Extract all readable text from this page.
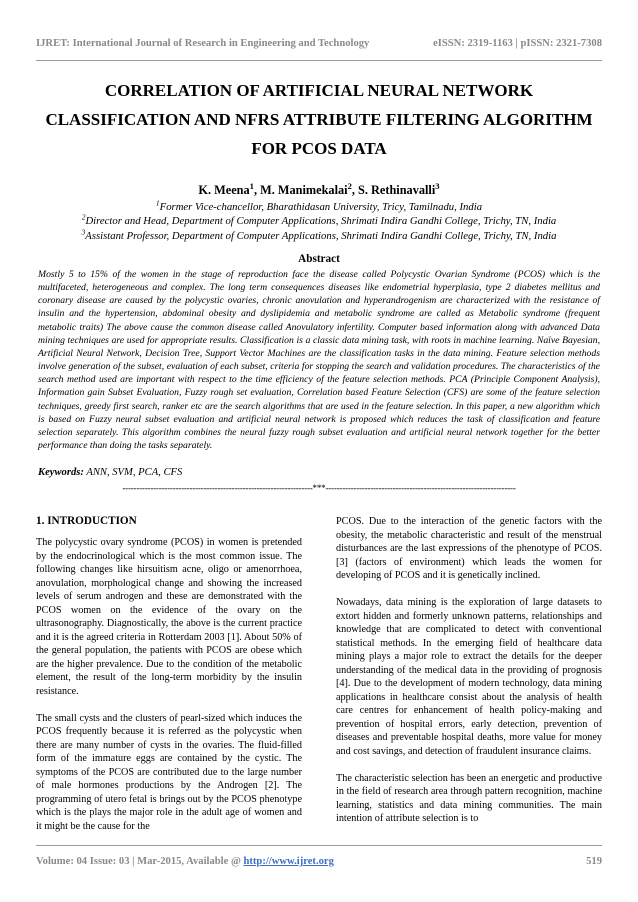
IJRET: International Journal of Research in Engineering and Technology	eISSN: 2319-1163 | pISSN: 2321-7308
CORRELATION OF ARTIFICIAL NEURAL NETWORK
CLASSIFICATION AND NFRS ATTRIBUTE FILTERING ALGORITHM
FOR PCOS DATA
K. Meena$^1$, M. Manimekalai$^2$, S. Rethinavalli$^3$
$^1$Former Vice-chancellor, Bharathidasan University, Tricy, Tamilnadu, India
$^2$Director and Head, Department of Computer Applications, Shrimati Indira Gandhi College, Trichy, TN, India
$^3$Assistant Professor, Department of Computer Applications, Shrimati Indira Gandhi College, Trichy, TN, India
Abstract
Mostly 5 to 15% of the women in the stage of reproduction face the disease called Polycystic Ovarian Syndrome (PCOS) which is the multifaceted, heterogeneous and complex. The long term consequences diseases like endometrial hyperplasia, type 2 diabetes mellitus and coronary disease are caused by the polycystic ovaries, chronic anovulation and hyperandrogenism are characterized with the resistance of insulin and the hypertension, abdominal obesity and dyslipidemia and metabolic syndrome are called as Metabolic syndrome (frequent metabolic traits) The above cause the common disease called Anovulatory infertility. Computer based information along with advanced Data mining techniques are used for appropriate results. Classification is a classic data mining task, with roots in machine learning. Naïve Bayesian, Artificial Neural Network, Decision Tree, Support Vector Machines are the classification tasks in the data mining. Feature selection methods involve generation of the subset, evaluation of each subset, criteria for stopping the search and validation procedures. The characteristics of the search method used are important with respect to the time efficiency of the feature selection methods. PCA (Principle Component Analysis), Information gain Subset Evaluation, Fuzzy rough set evaluation, Correlation based Feature Selection (CFS) are some of the feature selection techniques, greedy first search, ranker etc are the search algorithms that are used in the feature selection. In this paper, a new algorithm which is based on Fuzzy neural subset evaluation and artificial neural network is proposed which reduces the task of classification and feature selection separately. This algorithm combines the neural fuzzy rough subset evaluation and artificial neural network together for the better performance than doing the tasks separately.
Keywords: ANN, SVM, PCA, CFS
--------------------------------------------------------------------***--------------------------------------------------------------------
1. INTRODUCTION

The polycystic ovary syndrome (PCOS) in women is pretended by the endocrinological which is the most common issue. The following changes like hirsuitism acne, oligo or amenorrhoea, anovulation, morphological change and showing the increased levels of serum androgen and these are demonstrated with the PCOS women on the evidence of the ovary on the ultrasonography. Diagnostically, the above is the current practice and it is the agreed criteria in Rotterdam 2003 [1]. About 50% of the general population, the patients with PCOS are obese which are the higher prevalence. Due to the condition of the metabolic element, the result of the long-term morbidity by the insulin resistance.

The small cysts and the clusters of pearl-sized which induces the PCOS frequently because it is referred as the polycystic when there are many number of cysts in the ovaries. The fluid-filled form of the immature eggs are contained by the cystic. The symptoms of the PCOS are contributed due to the large number of male hormones productions by the Androgen [2]. The programming of utero fetal is brings out by the PCOS phenotype which is the plays the major role in the adult age of women and it might be the cause for the

PCOS. Due to the interaction of the genetic factors with the obesity, the metabolic characteristic and result of the menstrual disturbances are the last expressions of the phenotype of PCOS. [3] (factors of environment) which leads the women for developing of PCOS and it is genetically inclined.

Nowadays, data mining is the exploration of large datasets to extort hidden and formerly unknown patterns, relationships and knowledge that are complicated to detect with conventional statistical methods. In the emerging field of healthcare data mining plays a major role to extract the details for the deeper understanding of the medical data in the providing of prognosis [4]. Due to the development of modern technology, data mining applications in healthcare consist about the analysis of health care centres for enhancement of health policy-making and prevention of hospital errors, early detection, prevention of diseases and preventable hospital deaths, more value for money and cost savings, and detection of fraudulent insurance claims.

The characteristic selection has been an energetic and productive in the field of research area through pattern recognition, machine learning, statistics and data mining communities. The main intention of attribute selection is to

Volume: 04 Issue: 03 | Mar-2015, Available @ http://www.ijret.org	519
